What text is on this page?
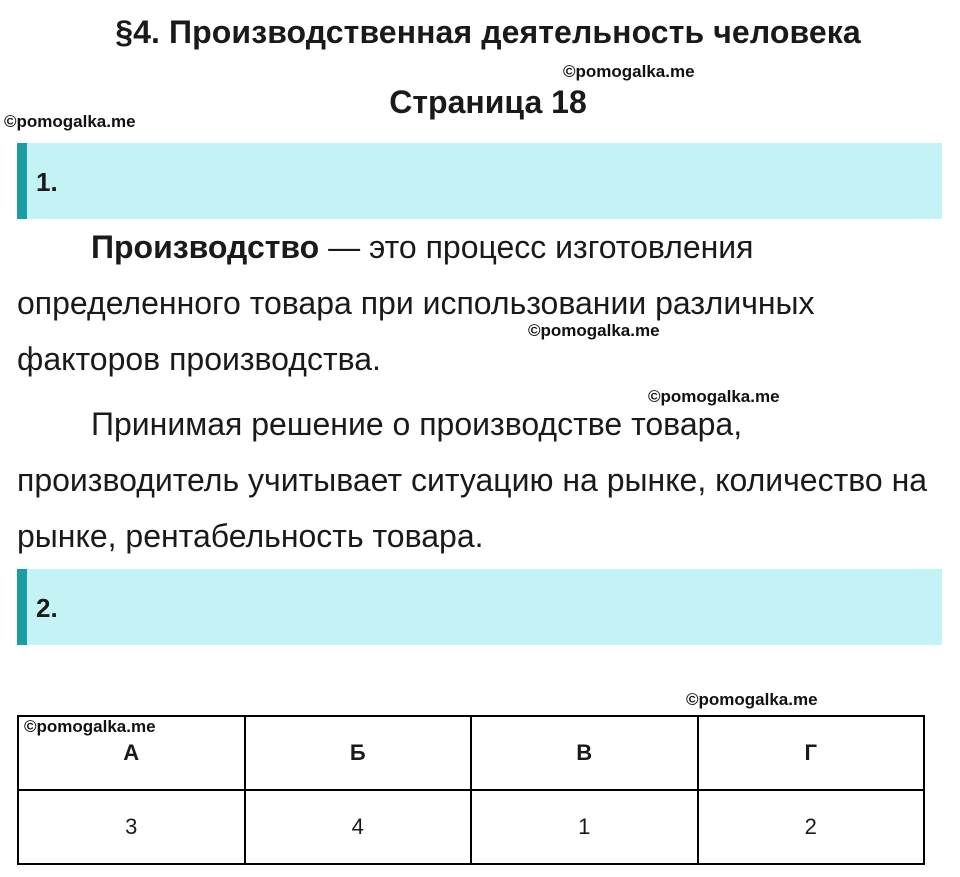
§4. Производственная деятельность человека
©pomogalka.me
Страница 18
©pomogalka.me
1.
Производство — это процесс изготовления определенного товара при использовании различных факторов производства.
©pomogalka.me
©pomogalka.me
Принимая решение о производстве товара, производитель учитывает ситуацию на рынке, количество на рынке, рентабельность товара.
2.
©pomogalka.me
А	Б	В	Г
3	4	1	2
©pomogalka.me
